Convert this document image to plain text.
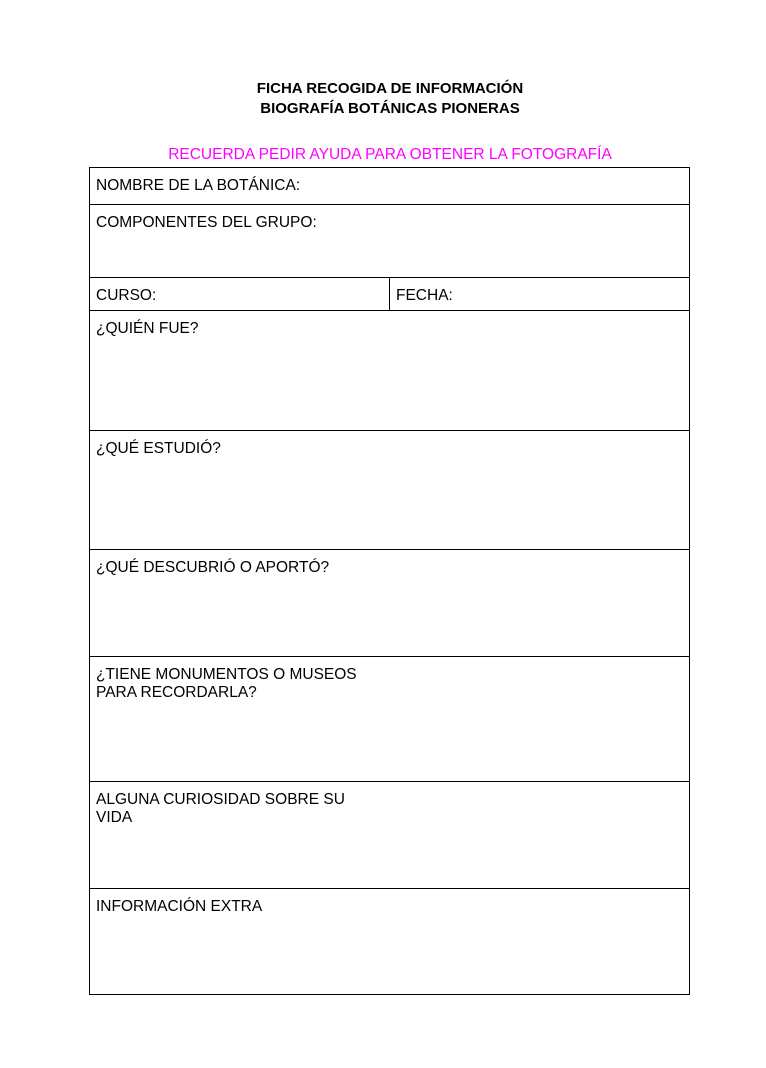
FICHA RECOGIDA DE INFORMACIÓN
BIOGRAFÍA BOTÁNICAS PIONERAS
RECUERDA PEDIR AYUDA PARA OBTENER LA FOTOGRAFÍA
NOMBRE DE LA BOTÁNICA:
COMPONENTES DEL GRUPO:
CURSO:	FECHA:
¿QUIÉN FUE?
¿QUÉ ESTUDIÓ?
¿QUÉ DESCUBRIÓ O APORTÓ?
¿TIENE MONUMENTOS O MUSEOS
PARA RECORDARLA?
ALGUNA CURIOSIDAD SOBRE SU
VIDA
INFORMACIÓN EXTRA
